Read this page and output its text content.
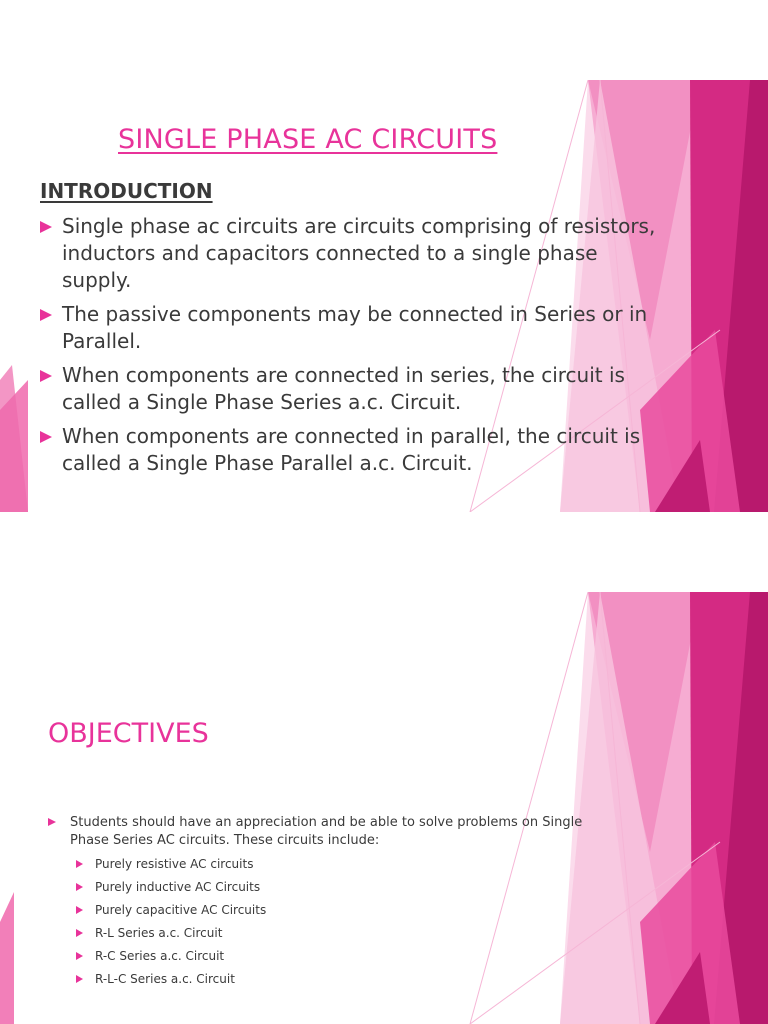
SINGLE PHASE AC CIRCUITS
INTRODUCTION
Single phase ac circuits are circuits comprising of resistors, inductors and capacitors connected to a single phase supply.
The passive components may be connected in Series or in Parallel.
When components are connected in series, the circuit is called a Single Phase Series a.c. Circuit.
When components are connected in parallel, the circuit is called a Single Phase Parallel a.c. Circuit.
OBJECTIVES
Students should have an appreciation and be able to solve problems on Single Phase Series AC circuits. These circuits include:
Purely resistive AC circuits
Purely inductive AC Circuits
Purely capacitive AC Circuits
R-L Series a.c. Circuit
R-C Series a.c. Circuit
R-L-C Series a.c. Circuit
